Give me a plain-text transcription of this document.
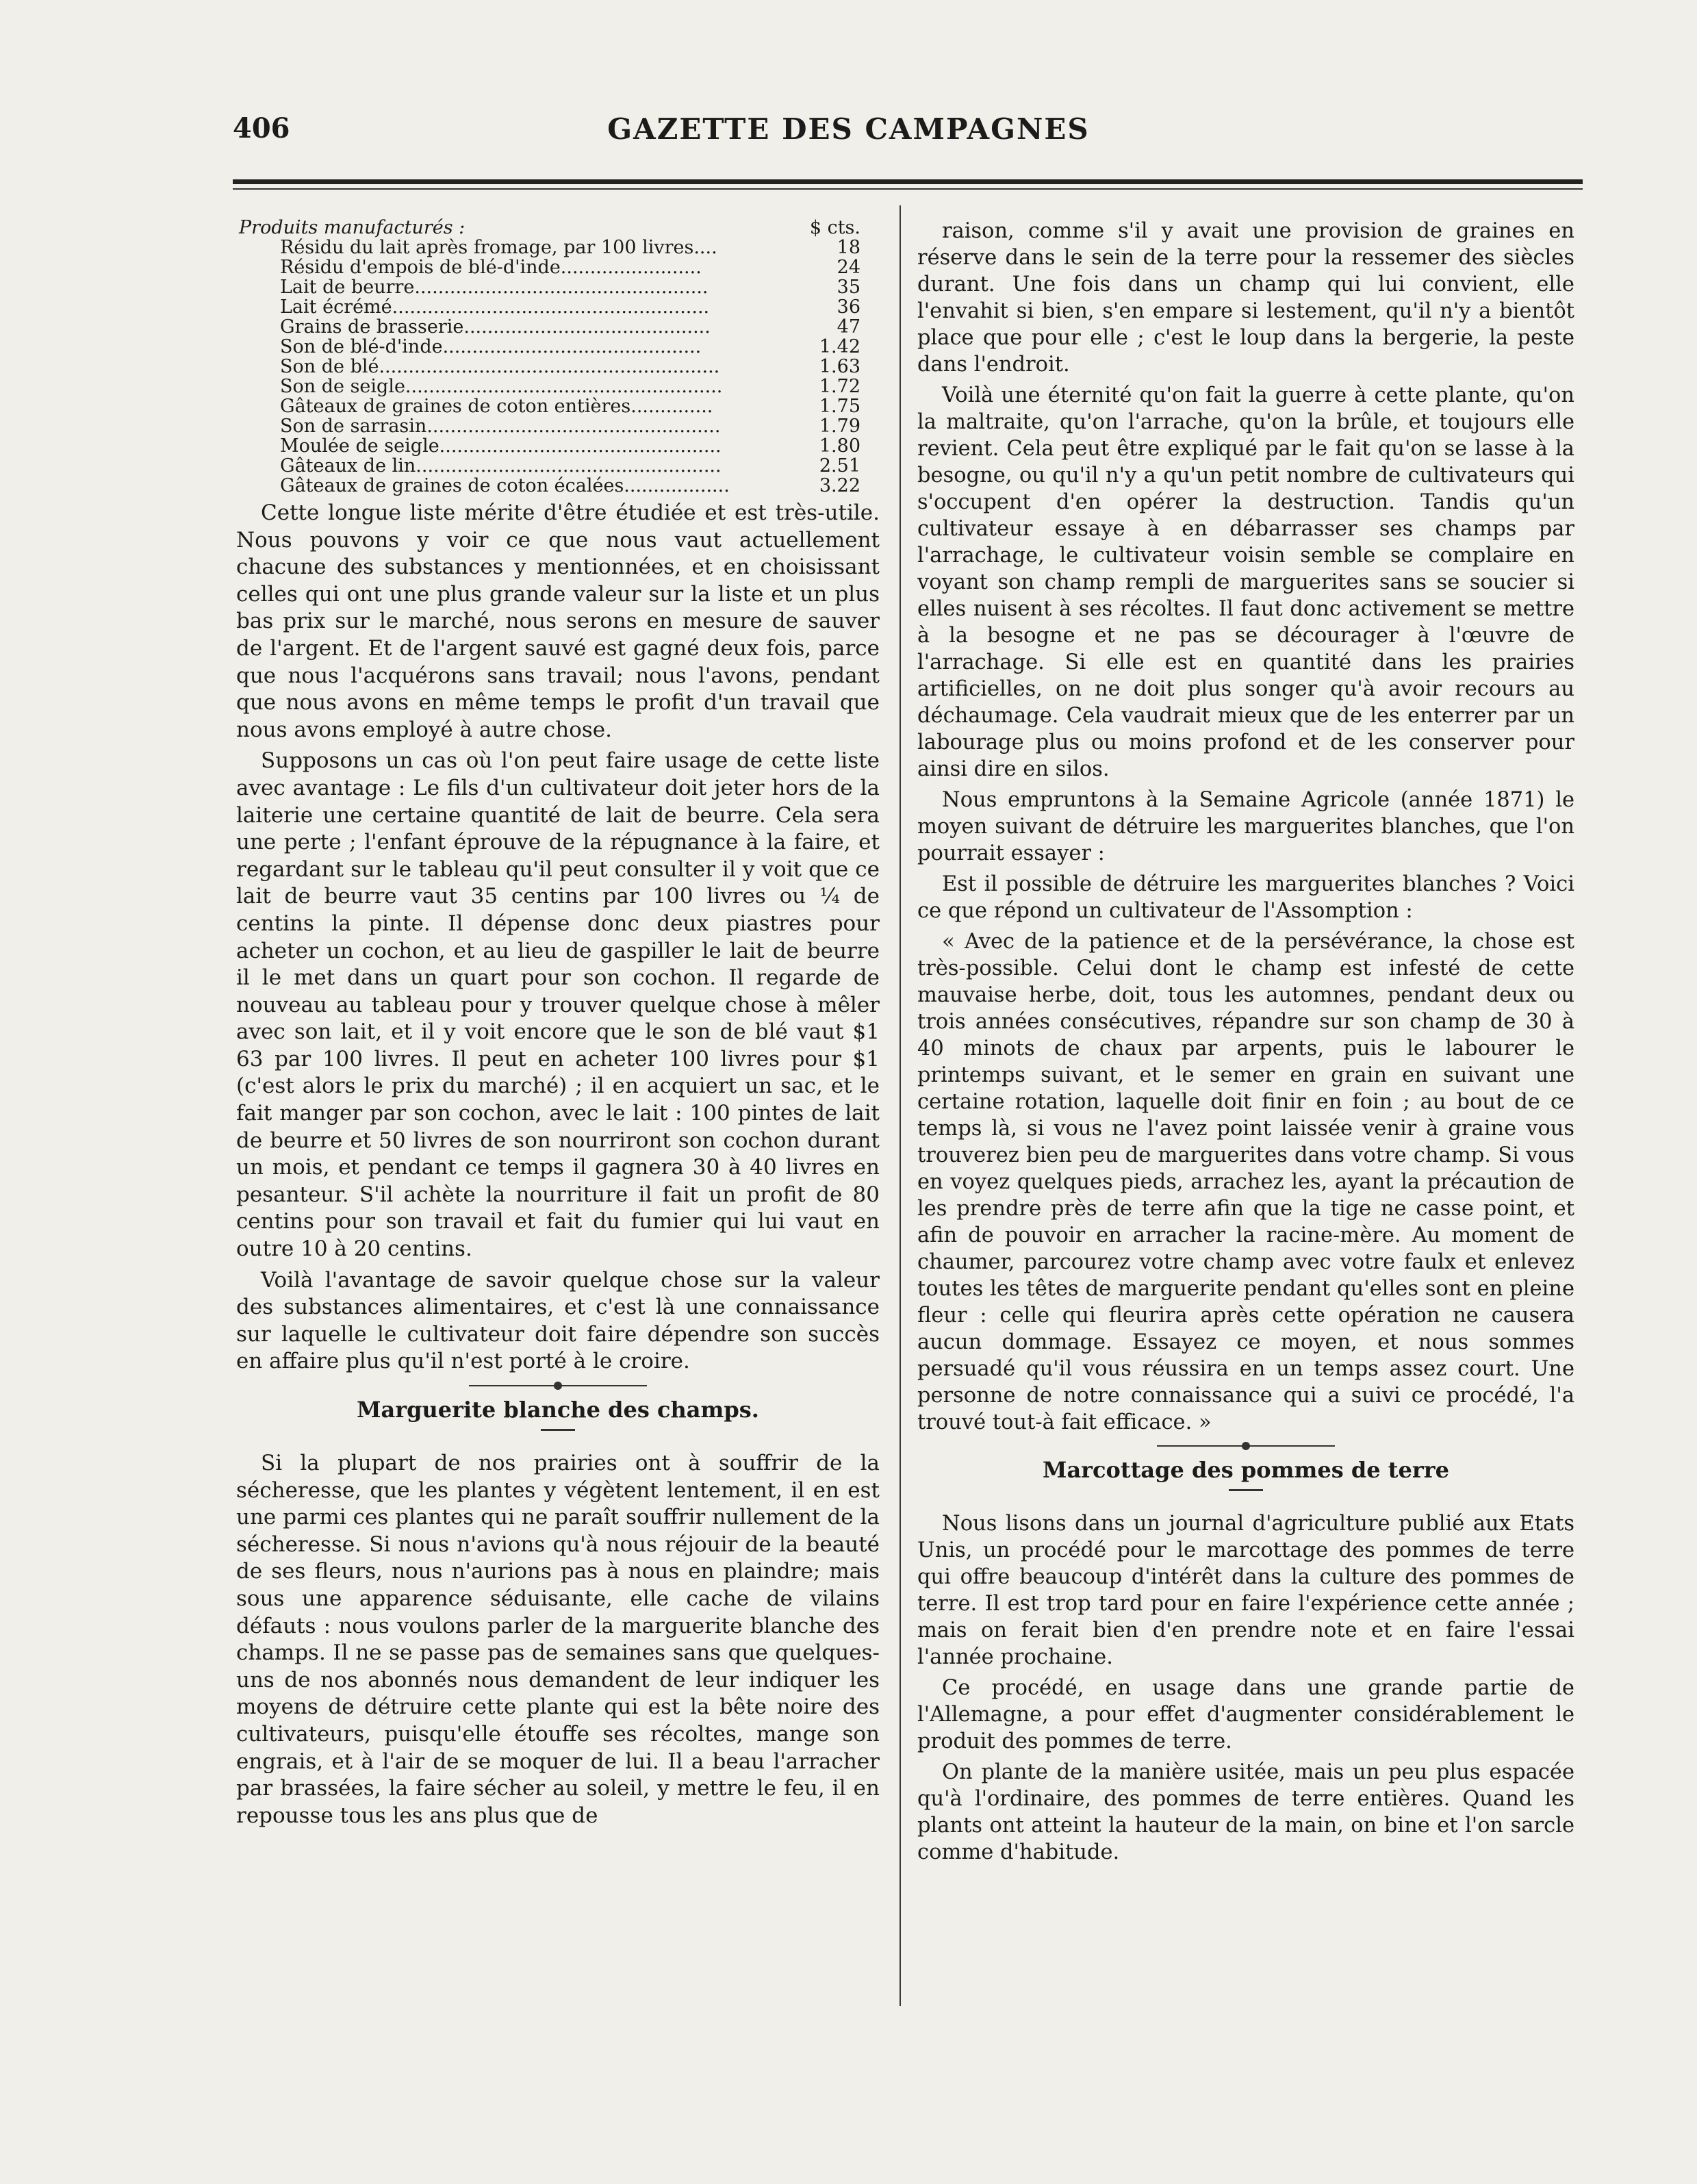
406	GAZETTE DES CAMPAGNES
Produits manufacturés :	$ cts.
Résidu du lait après fromage, par 100 livres....	18
Résidu d'empois de blé-d'inde........................	24
Lait de beurre..................................................	35
Lait écrémé......................................................	36
Grains de brasserie..........................................	47
Son de blé-d'inde............................................	1.42
Son de blé..........................................................	1.63
Son de seigle......................................................	1.72
Gâteaux de graines de coton entières..............	1.75
Son de sarrasin..................................................	1.79
Moulée de seigle................................................	1.80
Gâteaux de lin....................................................	2.51
Gâteaux de graines de coton écalées..................	3.22

Cette longue liste mérite d'être étudiée et est très-utile. Nous pouvons y voir ce que nous vaut actuellement chacune des substances y mentionnées, et en choisissant celles qui ont une plus grande valeur sur la liste et un plus bas prix sur le marché, nous serons en mesure de sauver de l'argent. Et de l'argent sauvé est gagné deux fois, parce que nous l'acquérons sans travail; nous l'avons, pendant que nous avons en même temps le profit d'un travail que nous avons employé à autre chose.

Supposons un cas où l'on peut faire usage de cette liste avec avantage : Le fils d'un cultivateur doit jeter hors de la laiterie une certaine quantité de lait de beurre. Cela sera une perte ; l'enfant éprouve de la répugnance à la faire, et regardant sur le tableau qu'il peut consulter il y voit que ce lait de beurre vaut 35 centins par 100 livres ou ¼ de centins la pinte. Il dépense donc deux piastres pour acheter un cochon, et au lieu de gaspiller le lait de beurre il le met dans un quart pour son cochon. Il regarde de nouveau au tableau pour y trouver quelque chose à mêler avec son lait, et il y voit encore que le son de blé vaut $1 63 par 100 livres. Il peut en acheter 100 livres pour $1 (c'est alors le prix du marché) ; il en acquiert un sac, et le fait manger par son cochon, avec le lait : 100 pintes de lait de beurre et 50 livres de son nourriront son cochon durant un mois, et pendant ce temps il gagnera 30 à 40 livres en pesanteur. S'il achète la nourriture il fait un profit de 80 centins pour son travail et fait du fumier qui lui vaut en outre 10 à 20 centins.

Voilà l'avantage de savoir quelque chose sur la valeur des substances alimentaires, et c'est là une connaissance sur laquelle le cultivateur doit faire dépendre son succès en affaire plus qu'il n'est porté à le croire.

Marguerite blanche des champs.

Si la plupart de nos prairies ont à souffrir de la sécheresse, que les plantes y végètent lentement, il en est une parmi ces plantes qui ne paraît souffrir nullement de la sécheresse. Si nous n'avions qu'à nous réjouir de la beauté de ses fleurs, nous n'aurions pas à nous en plaindre; mais sous une apparence séduisante, elle cache de vilains défauts : nous voulons parler de la marguerite blanche des champs. Il ne se passe pas de semaines sans que quelques-uns de nos abonnés nous demandent de leur indiquer les moyens de détruire cette plante qui est la bête noire des cultivateurs, puisqu'elle étouffe ses récoltes, mange son engrais, et à l'air de se moquer de lui. Il a beau l'arracher par brassées, la faire sécher au soleil, y mettre le feu, il en repousse tous les ans plus que de

raison, comme s'il y avait une provision de graines en réserve dans le sein de la terre pour la ressemer des siècles durant. Une fois dans un champ qui lui convient, elle l'envahit si bien, s'en empare si lestement, qu'il n'y a bientôt place que pour elle ; c'est le loup dans la bergerie, la peste dans l'endroit.

Voilà une éternité qu'on fait la guerre à cette plante, qu'on la maltraite, qu'on l'arrache, qu'on la brûle, et toujours elle revient. Cela peut être expliqué par le fait qu'on se lasse à la besogne, ou qu'il n'y a qu'un petit nombre de cultivateurs qui s'occupent d'en opérer la destruction. Tandis qu'un cultivateur essaye à en débarrasser ses champs par l'arrachage, le cultivateur voisin semble se complaire en voyant son champ rempli de marguerites sans se soucier si elles nuisent à ses récoltes. Il faut donc activement se mettre à la besogne et ne pas se décourager à l'œuvre de l'arrachage. Si elle est en quantité dans les prairies artificielles, on ne doit plus songer qu'à avoir recours au déchaumage. Cela vaudrait mieux que de les enterrer par un labourage plus ou moins profond et de les conserver pour ainsi dire en silos.

Nous empruntons à la Semaine Agricole (année 1871) le moyen suivant de détruire les marguerites blanches, que l'on pourrait essayer :

Est il possible de détruire les marguerites blanches ? Voici ce que répond un cultivateur de l'Assomption :

« Avec de la patience et de la persévérance, la chose est très-possible. Celui dont le champ est infesté de cette mauvaise herbe, doit, tous les automnes, pendant deux ou trois années consécutives, répandre sur son champ de 30 à 40 minots de chaux par arpents, puis le labourer le printemps suivant, et le semer en grain en suivant une certaine rotation, laquelle doit finir en foin ; au bout de ce temps là, si vous ne l'avez point laissée venir à graine vous trouverez bien peu de marguerites dans votre champ. Si vous en voyez quelques pieds, arrachez les, ayant la précaution de les prendre près de terre afin que la tige ne casse point, et afin de pouvoir en arracher la racine-mère. Au moment de chaumer, parcourez votre champ avec votre faulx et enlevez toutes les têtes de marguerite pendant qu'elles sont en pleine fleur : celle qui fleurira après cette opération ne causera aucun dommage. Essayez ce moyen, et nous sommes persuadé qu'il vous réussira en un temps assez court. Une personne de notre connaissance qui a suivi ce procédé, l'a trouvé tout-à fait efficace. »

Marcottage des pommes de terre

Nous lisons dans un journal d'agriculture publié aux Etats Unis, un procédé pour le marcottage des pommes de terre qui offre beaucoup d'intérêt dans la culture des pommes de terre. Il est trop tard pour en faire l'expérience cette année ; mais on ferait bien d'en prendre note et en faire l'essai l'année prochaine.

Ce procédé, en usage dans une grande partie de l'Allemagne, a pour effet d'augmenter considérablement le produit des pommes de terre.

On plante de la manière usitée, mais un peu plus espacée qu'à l'ordinaire, des pommes de terre entières. Quand les plants ont atteint la hauteur de la main, on bine et l'on sarcle comme d'habitude.
